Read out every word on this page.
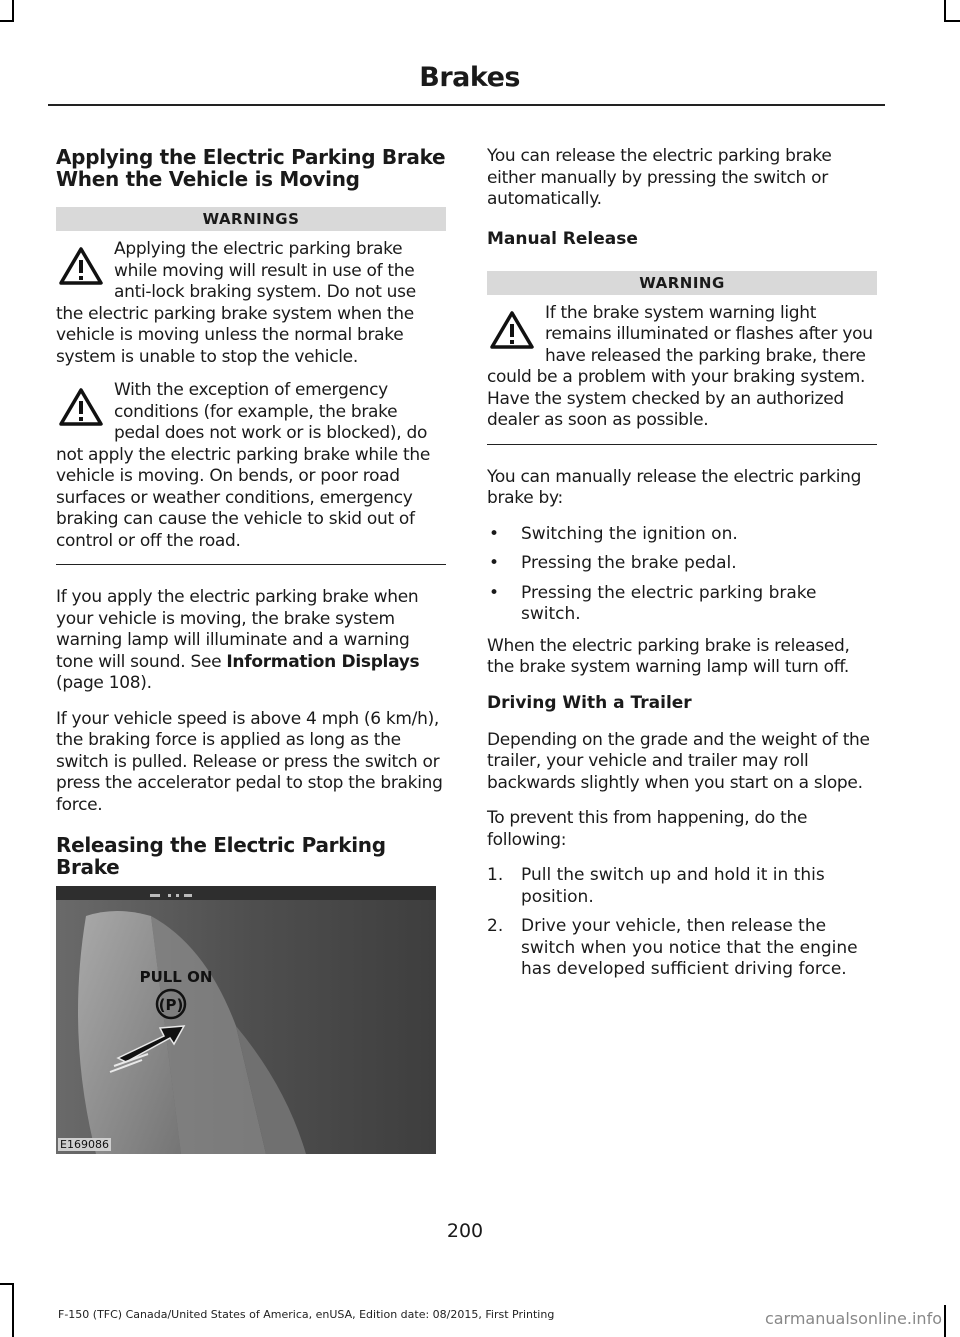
Brakes
Applying the Electric Parking Brake When the Vehicle is Moving
WARNINGS
Applying the electric parking brake while moving will result in use of the anti-lock braking system. Do not use the electric parking brake system when the vehicle is moving unless the normal brake system is unable to stop the vehicle.
With the exception of emergency conditions (for example, the brake pedal does not work or is blocked), do not apply the electric parking brake while the vehicle is moving. On bends, or poor road surfaces or weather conditions, emergency braking can cause the vehicle to skid out of control or off the road.

If you apply the electric parking brake when your vehicle is moving, the brake system warning lamp will illuminate and a warning tone will sound. See Information Displays (page 108).

If your vehicle speed is above 4 mph (6 km/h), the braking force is applied as long as the switch is pulled. Release or press the switch or press the accelerator pedal to stop the braking force.

Releasing the Electric Parking Brake
(P)
PULL ON
E169086

You can release the electric parking brake either manually by pressing the switch or automatically.

Manual Release
WARNING
If the brake system warning light remains illuminated or flashes after you have released the parking brake, there could be a problem with your braking system. Have the system checked by an authorized dealer as soon as possible.

You can manually release the electric parking brake by:

• Switching the ignition on.
• Pressing the brake pedal.
• Pressing the electric parking brake switch.

When the electric parking brake is released, the brake system warning lamp will turn off.

Driving With a Trailer

Depending on the grade and the weight of the trailer, your vehicle and trailer may roll backwards slightly when you start on a slope.

To prevent this from happening, do the following:

1. Pull the switch up and hold it in this position.
2. Drive your vehicle, then release the switch when you notice that the engine has developed sufficient driving force.
200
F-150 (TFC) Canada/United States of America, enUSA, Edition date: 08/2015, First Printing	carmanualsonline.info
